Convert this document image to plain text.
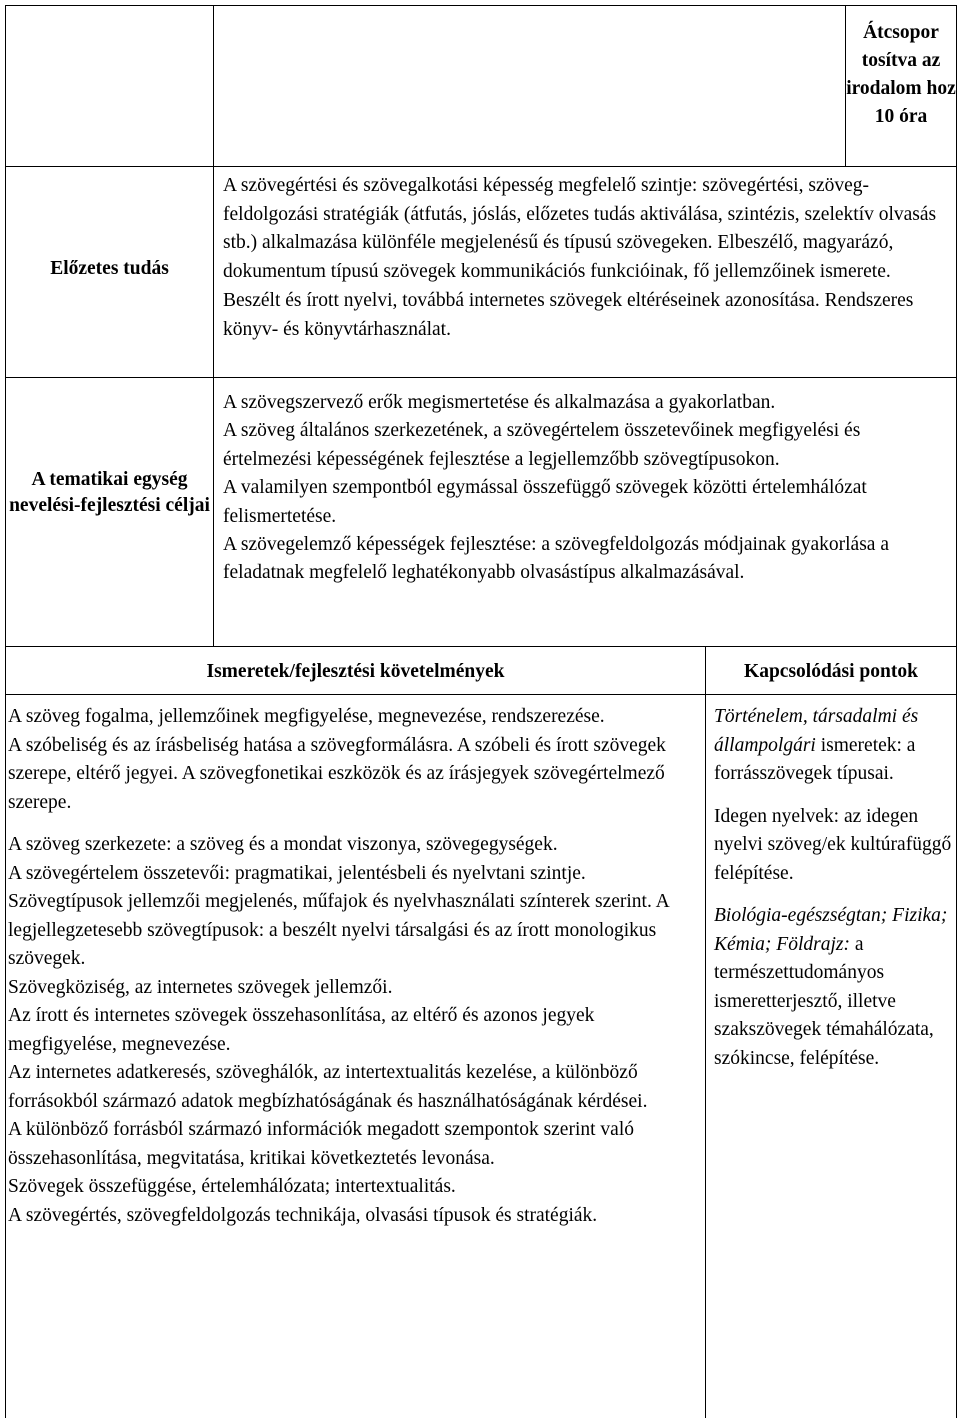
Átcsopor tosítva az irodalom hoz 10 óra
Előzetes tudás
A szövegértési és szövegalkotási képesség megfelelő szintje: szövegértési, szöveg-feldolgozási stratégiák (átfutás, jóslás, előzetes tudás aktiválása, szintézis, szelektív olvasás stb.) alkalmazása különféle megjelenésű és típusú szövegeken. Elbeszélő, magyarázó, dokumentum típusú szövegek kommunikációs funkcióinak, fő jellemzőinek ismerete. Beszélt és írott nyelvi, továbbá internetes szövegek eltéréseinek azonosítása. Rendszeres könyv- és könyvtárhasználat.
A tematikai egység nevelési-fejlesztési céljai
A szövegszervező erők megismertetése és alkalmazása a gyakorlatban.
A szöveg általános szerkezetének, a szövegértelem összetevőinek megfigyelési és értelmezési képességének fejlesztése a legjellemzőbb szövegtípusokon.
A valamilyen szempontból egymással összefüggő szövegek közötti értelemhálózat felismertetése.
A szövegelemző képességek fejlesztése: a szövegfeldolgozás módjainak gyakorlása a feladatnak megfelelő leghatékonyabb olvasástípus alkalmazásával.
Ismeretek/fejlesztési követelmények	Kapcsolódási pontok
A szöveg fogalma, jellemzőinek megfigyelése, megnevezése, rendszerezése.
A szóbeliség és az írásbeliség hatása a szövegformálásra. A szóbeli és írott szövegek szerepe, eltérő jegyei. A szövegfonetikai eszközök és az írásjegyek szövegértelmező szerepe.
A szöveg szerkezete: a szöveg és a mondat viszonya, szövegegységek.
A szövegértelem összetevői: pragmatikai, jelentésbeli és nyelvtani szintje.
Szövegtípusok jellemzői megjelenés, műfajok és nyelvhasználati színterek szerint. A legjellegzetesebb szövegtípusok: a beszélt nyelvi társalgási és az írott monologikus szövegek.
Szövegköziség, az internetes szövegek jellemzői.
Az írott és internetes szövegek összehasonlítása, az eltérő és azonos jegyek megfigyelése, megnevezése.
Az internetes adatkeresés, szöveghálók, az intertextualitás kezelése, a különböző forrásokból származó adatok megbízhatóságának és használhatóságának kérdései.
A különböző forrásból származó információk megadott szempontok szerint való összehasonlítása, megvitatása, kritikai következtetés levonása.
Szövegek összefüggése, értelemhálózata; intertextualitás.
A szövegértés, szövegfeldolgozás technikája, olvasási típusok és stratégiák.
Történelem, társadalmi és állampolgári ismeretek: a forrásszövegek típusai.
Idegen nyelvek: az idegen nyelvi szöveg/ek kultúrafüggő felépítése.
Biológia-egészségtan; Fizika; Kémia; Földrajz: a természettudományos ismeretterjesztő, illetve szakszövegek témahálózata, szókincse, felépítése.
